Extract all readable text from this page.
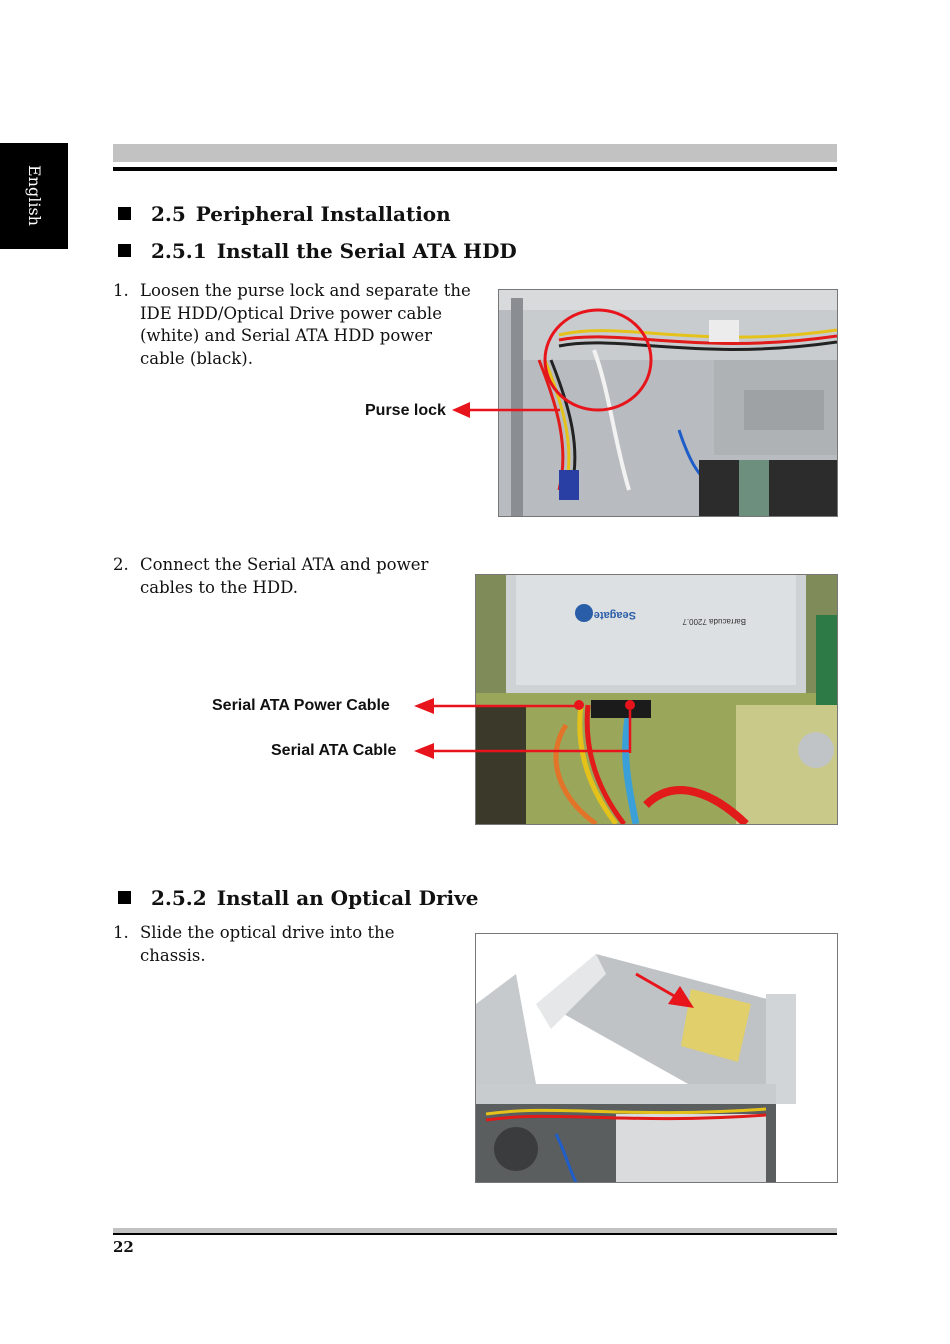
English	2.5 Peripheral Installation
2.5.1 Install the Serial ATA HDD
1. Loosen the purse lock and separate the
IDE HDD/Optical Drive power cable
(white) and Serial ATA HDD power
cable (black).
Purse lock
2. Connect the Serial ATA and power
cables to the HDD.
Seagate
Barracuda 7200.7
Serial ATA Power Cable
Serial ATA Cable
2.5.2 Install an Optical Drive
1. Slide the optical drive into the chassis.
22
